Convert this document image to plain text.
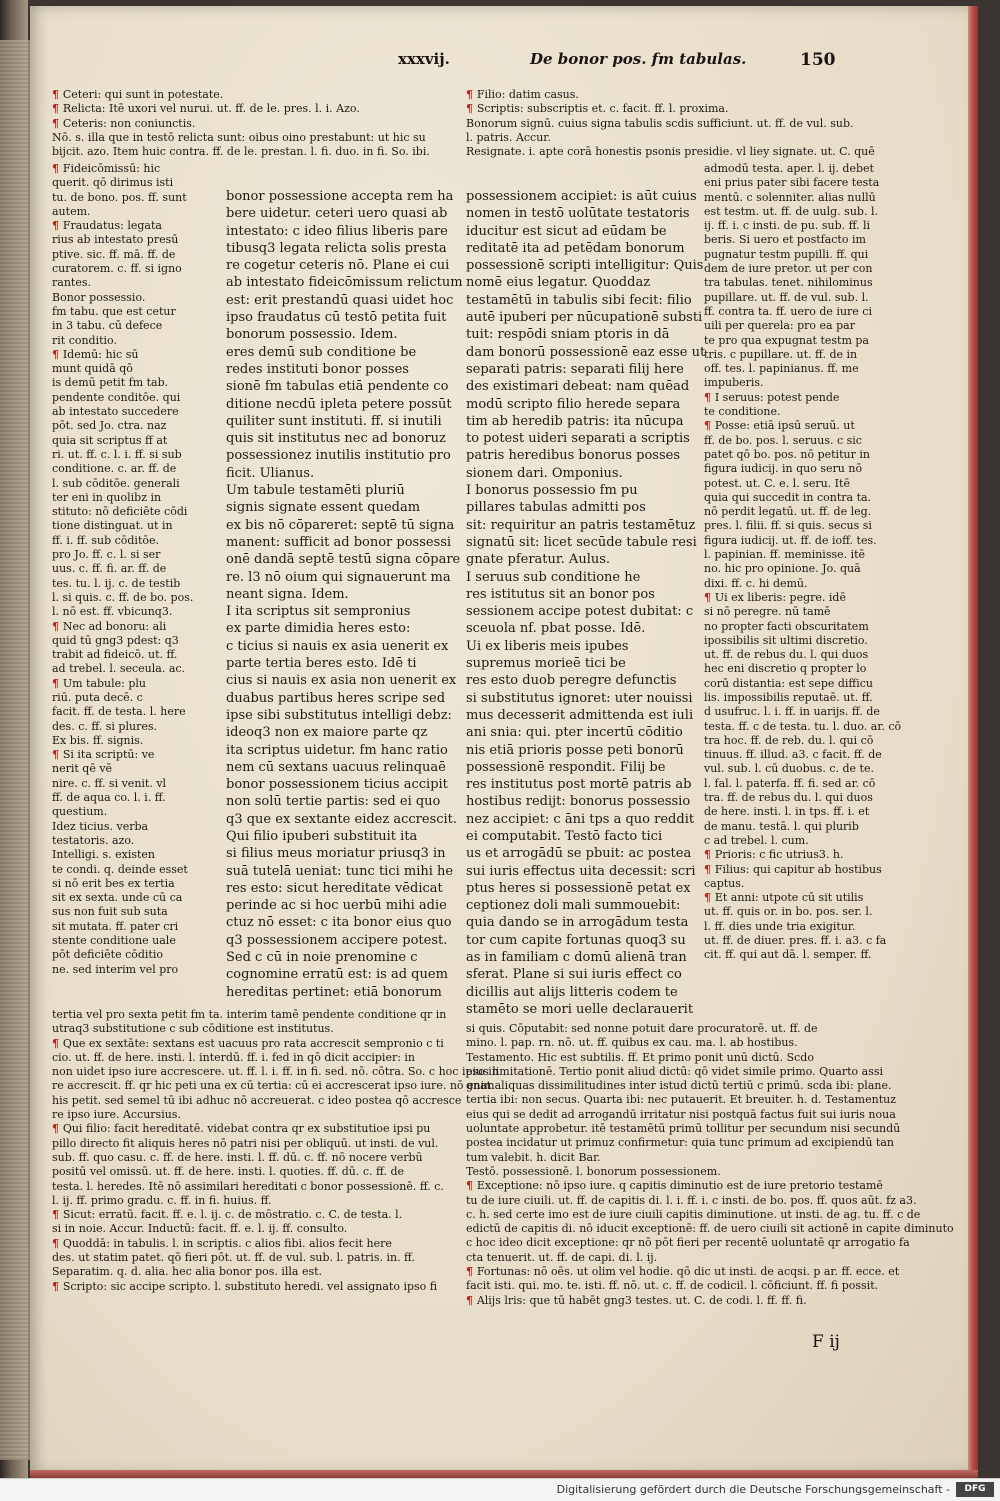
xxxvij.	De bonor pos. fm tabulas.	150
¶ Ceteri: qui sunt in potestate.
¶ Relicta: Itē uxori vel nurui. ut. ff. de le. pres. l. i. Azo.
¶ Ceteris: non coniunctis.
Nō. s. illa que in testō relicta sunt: oibus oino prestabunt: ut hic su
bijcit. azo. Item huic contra. ff. de le. prestan. l. fi. duo. in fi. So. ibi.
¶ Filio: datim casus.
¶ Scriptis: subscriptis et. c. facit. ff. l. proxima.
Bonorum signū. cuius signa tabulis scdis sufficiunt. ut. ff. de vul. sub.
l. patris. Accur.
Resignate. i. apte corā honestis psonis presidie. vl liey signate. ut. C. quē
¶ Fideicōmissū: hic
querit. qō dirimus isti
tu. de bono. pos. ff. sunt
autem.
¶ Fraudatus: legata
rius ab intestato presū
ptive. sic. ff. mā. ff. de
curatorem. c. ff. si igno
rantes.
Bonor possessio.
fm tabu. que est cetur
in 3 tabu. cū defece
rit conditio.
¶ Idemū: hic sū
munt quidā qō
is demū petit fm tab.
pendente conditōe. qui
ab intestato succedere
pōt. sed Jo. ctra. naz
quia sit scriptus ff at
ri. ut. ff. c. l. i. ff. si sub
conditione. c. ar. ff. de
l. sub cōditōe. generali
ter eni in quolibz in
stituto: nō deficiēte cōdi
tione distinguat. ut in
ff. i. ff. sub cōditōe.
pro Jo. ff. c. l. si ser
uus. c. ff. fi. ar. ff. de
tes. tu. l. ij. c. de testib
l. si quis. c. ff. de bo. pos.
l. nō est. ff. vbicunq3.
¶ Nec ad bonoru: ali
quid tū gng3 pdest: q3
trabit ad fideicō. ut. ff.
ad trebel. l. seceula. ac.
¶ Um tabule: plu
riū. puta decē. c
facit. ff. de testa. l. here
des. c. ff. si plures.
Ex bis. ff. signis.
¶ Si ita scriptū: ve
nerit qē vē
nire. c. ff. si venit. vl
ff. de aqua co. l. i. ff.
questium.
Idez ticius. verba
testatoris. azo.
Intelligi. s. existen
te condi. q. deinde esset
si nō erit bes ex tertia
sit ex sexta. unde cū ca
sus non fuit sub suta
sit mutata. ff. pater cri
stente conditione uale
pōt deficiēte cōditio
ne. sed interim vel pro
bonor possessione accepta rem ha
bere uidetur. ceteri uero quasi ab
intestato: c ideo filius liberis pare
tibusq3 legata relicta solis presta
re cogetur ceteris nō. Plane ei cui
ab intestato fideicōmissum relictum
est: erit prestandū quasi uidet hoc
ipso fraudatus cū testō petita fuit
bonorum possessio. Idem.
eres demū sub conditione be
redes instituti bonor posses
sionē fm tabulas etiā pendente co
ditione necdū ipleta petere possūt
quiliter sunt instituti. ff. si inutili
quis sit institutus nec ad bonoruz
possessionez inutilis institutio pro
ficit. Ulianus.
Um tabule testamēti pluriū
signis signate essent quedam
ex bis nō cōpareret: septē tū signa
manent: sufficit ad bonor possessi
onē dandā septē testū signa cōpare
re. l3 nō oium qui signauerunt ma
neant signa. Idem.
I ita scriptus sit sempronius
ex parte dimidia heres esto:
c ticius si nauis ex asia uenerit ex
parte tertia beres esto. Idē ti
cius si nauis ex asia non uenerit ex
duabus partibus heres scripe sed
ipse sibi substitutus intelligi debz:
ideoq3 non ex maiore parte qz
ita scriptus uidetur. fm hanc ratio
nem cū sextans uacuus relinquaē
bonor possessionem ticius accipit
non solū tertie partis: sed ei quo
q3 que ex sextante eidez accrescit.
Qui filio ipuberi substituit ita
si filius meus moriatur priusq3 in
suā tutelā ueniat: tunc tici mihi he
res esto: sicut hereditate vēdicat
perinde ac si hoc uerbū mihi adie
ctuz nō esset: c ita bonor eius quo
q3 possessionem accipere potest.
Sed c cū in noie prenomine c
cognomine erratū est: is ad quem
hereditas pertinet: etiā bonorum
possessionem accipiet: is aūt cuius
nomen in testō uolūtate testatoris
iducitur est sicut ad eūdam be
reditatē ita ad petēdam bonorum
possessionē scripti intelligitur: Quis
nomē eius legatur. Quoddaz
testamētū in tabulis sibi fecit: filio
autē ipuberi per nūcupationē substi
tuit: respōdi sniam ptoris in dā
dam bonorū possessionē eaz esse ut
separati patris: separati filij here
des existimari debeat: nam quēad
modū scripto filio herede separa
tim ab heredib patris: ita nūcupa
to potest uideri separati a scriptis
patris heredibus bonorus posses
sionem dari. Omponius.
I bonorus possessio fm pu
pillares tabulas admitti pos
sit: requiritur an patris testamētuz
signatū sit: licet secūde tabule resi
gnate pferatur. Aulus.
I seruus sub conditione he
res istitutus sit an bonor pos
sessionem accipe potest dubitat: c
sceuola nf. pbat posse. Idē.
Ui ex liberis meis ipubes
supremus morieē tici be
res esto duob peregre defunctis
si substitutus ignoret: uter nouissi
mus decesserit admittenda est iuli
ani snia: qui. pter incertū cōditio
nis etiā prioris posse peti bonorū
possessionē respondit. Filij be
res institutus post mortē patris ab
hostibus redijt: bonorus possessio
nez accipiet: c āni tps a quo reddit
ei computabit. Testō facto tici
us et arrogādū se pbuit: ac postea
sui iuris effectus uita decessit: scri
ptus heres si possessionē petat ex
ceptionez doli mali summouebit:
quia dando se in arrogādum testa
tor cum capite fortunas quoq3 su
as in familiam c domū alienā tran
sferat. Plane si sui iuris effect co
dicillis aut alijs litteris codem te
stamēto se mori uelle declarauerit
admodū testa. aper. l. ij. debet
eni prius pater sibi facere testa
mentū. c solenniter. alias nullū
est testm. ut. ff. de uulg. sub. l.
ij. ff. i. c insti. de pu. sub. ff. li
beris. Si uero et postfacto im
pugnatur testm pupilli. ff. qui
dem de iure pretor. ut per con
tra tabulas. tenet. nihilominus
pupillare. ut. ff. de vul. sub. l.
ff. contra ta. ff. uero de iure ci
uili per querela: pro ea par
te pro qua expugnat testm pa
tris. c pupillare. ut. ff. de in
off. tes. l. papinianus. ff. me
impuberis.
¶ I seruus: potest pende
te conditione.
¶ Posse: etiā ipsū seruū. ut
ff. de bo. pos. l. seruus. c sic
patet qō bo. pos. nō petitur in
figura iudicij. in quo seru nō
potest. ut. C. e. l. seru. Itē
quia qui succedit in contra ta.
nō perdit legatū. ut. ff. de leg.
pres. l. filii. ff. si quis. secus si
figura iudicij. ut. ff. de ioff. tes.
l. papinian. ff. meminisse. itē
no. hic pro opinione. Jo. quā
dixi. ff. c. hi demū.
¶ Ui ex liberis: pegre. idē
si nō peregre. nū tamē
no propter facti obscuritatem
ipossibilis sit ultimi discretio.
ut. ff. de rebus du. l. qui duos
hec eni discretio q propter lo
corū distantia: est sepe difficu
lis. impossibilis reputaē. ut. ff.
d usufruc. l. i. ff. in uarijs. ff. de
testa. ff. c de testa. tu. l. duo. ar. cō
tra hoc. ff. de reb. du. l. qui cō
tinuus. ff. illud. a3. c facit. ff. de
vul. sub. l. cū duobus. c. de te.
l. fal. l. paterfa. ff. fi. sed ar. cō
tra. ff. de rebus du. l. qui duos
de here. insti. l. in tps. ff. i. et
de manu. testā. l. qui plurib
c ad trebel. l. cum.
¶ Prioris: c fic utrius3. h.
¶ Filius: qui capitur ab hostibus
captus.
¶ Et anni: utpote cū sit utilis
ut. ff. quis or. in bo. pos. ser. l.
l. ff. dies unde tria exigitur.
ut. ff. de diuer. pres. ff. i. a3. c fa
cit. ff. qui aut dā. l. semper. ff.
tertia vel pro sexta petit fm ta. interim tamē pendente conditione qr in
utraq3 substitutione c sub cōditione est institutus.
¶ Que ex sextāte: sextans est uacuus pro rata accrescit sempronio c ti
cio. ut. ff. de here. insti. l. interdū. ff. i. fed in qō dicit accipier: in
non uidet ipso iure accrescere. ut. ff. l. i. ff. in fi. sed. nō. cōtra. So. c hoc ipso in
re accrescit. ff. qr hic peti una ex cū tertia: cū ei accrescerat ipso iure. nō enim
his petit. sed semel tū ibi adhuc nō accreuerat. c ideo postea qō accresce
re ipso iure. Accursius.
¶ Qui filio: facit hereditatē. videbat contra qr ex substitutioe ipsi pu
pillo directo fit aliquis heres nō patri nisi per obliquū. ut insti. de vul.
sub. ff. quo casu. c. ff. de here. insti. l. ff. dū. c. ff. nō nocere verbū
positū vel omissū. ut. ff. de here. insti. l. quoties. ff. dū. c. ff. de
testa. l. heredes. Itē nō assimilari hereditati c bonor possessionē. ff. c.
l. ij. ff. primo gradu. c. ff. in fi. huius. ff.
¶ Sicut: erratū. facit. ff. e. l. ij. c. de mōstratio. c. C. de testa. l.
si in noie. Accur. Inductū: facit. ff. e. l. ij. ff. consulto.
¶ Quoddā: in tabulis. l. in scriptis. c alios fibi. alios fecit here
des. ut statim patet. qō fieri pōt. ut. ff. de vul. sub. l. patris. in. ff.
Separatim. q. d. alia. hec alia bonor pos. illa est.
¶ Scripto: sic accipe scripto. l. substituto heredi. vel assignato ipso fi
si quis. Cōputabit: sed nonne potuit dare procuratorē. ut. ff. de
mino. l. pap. rn. nō. ut. ff. quibus ex cau. ma. l. ab hostibus.
Testamento. Hic est subtilis. ff. Et primo ponit unū dictū. Scdo
eius limitationē. Tertio ponit aliud dictū: qō videt simile primo. Quarto assi
gnat aliquas dissimilitudines inter istud dictū tertiū c primū. scda ibi: plane.
tertia ibi: non secus. Quarta ibi: nec putauerit. Et breuiter. h. d. Testamentuz
eius qui se dedit ad arrogandū irritatur nisi postquā factus fuit sui iuris noua
uoluntate approbetur. itē testamētū primū tollitur per secundum nisi secundū
postea incidatur ut primuz confirmetur: quia tunc primum ad excipiendū tan
tum valebit. h. dicit Bar.
Testō. possessionē. l. bonorum possessionem.
¶ Exceptione: nō ipso iure. q capitis diminutio est de iure pretorio testamē
tu de iure ciuili. ut. ff. de capitis di. l. i. ff. i. c insti. de bo. pos. ff. quos aūt. fz a3.
c. h. sed certe imo est de iure ciuili capitis diminutione. ut insti. de ag. tu. ff. c de
edictū de capitis di. nō iducit exceptionē: ff. de uero ciuili sit actionē in capite diminuto
c hoc ideo dicit exceptione: qr nō pōt fieri per recentē uoluntatē qr arrogatio fa
cta tenuerit. ut. ff. de capi. di. l. ij.
¶ Fortunas: nō oēs. ut olim vel hodie. qō dic ut insti. de acqsi. p ar. ff. ecce. et
facit isti. qui. mo. te. isti. ff. nō. ut. c. ff. de codicil. l. cōficiunt. ff. fi possit.
¶ Alijs lris: que tū habēt gng3 testes. ut. C. de codi. l. ff. ff. fi.
F ij
Digitalisierung gefördert durch die Deutsche Forschungsgemeinschaft -	DFG
